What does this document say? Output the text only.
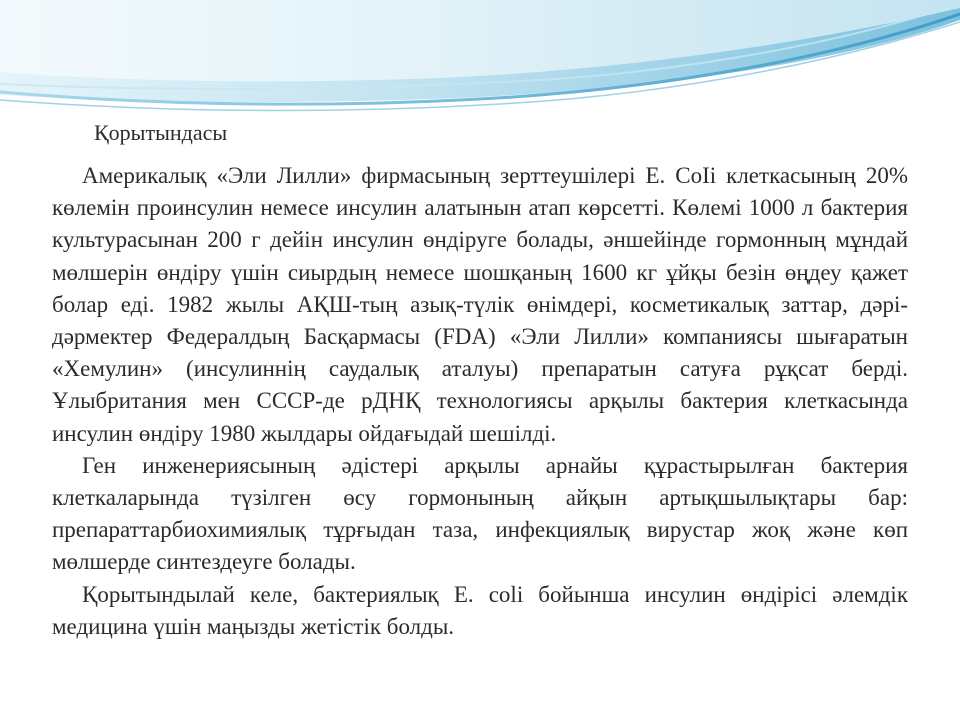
Қорытындасы

Америкалық «Эли Лилли» фирмасының зерттеушілері E. CoIi клеткасының 20% көлемін проинсулин немесе инсулин алатынын атап көрсетті. Көлемі 1000 л бактерия культурасынан 200 г дейін инсулин өндіруге болады, әншейінде гормонның мұндай мөлшерін өндіру үшін сиырдың немесе шошқаның 1600 кг ұйқы безін өңдеу қажет болар еді. 1982 жылы АҚШ-тың азық-түлік өнімдері, косметикалық заттар, дәрі-дәрмектер Федералдың Басқармасы (FDA) «Эли Лилли» компаниясы шығаратын «Хемулин» (инсулиннің саудалық аталуы) препаратын сатуға рұқсат берді. Ұлыбритания мен СССР-де рДНҚ технологиясы арқылы бактерия клеткасында инсулин өндіру 1980 жылдары ойдағыдай шешілді.

Ген инженериясының әдістері арқылы арнайы құрастырылған бактерия клеткаларында түзілген өсу гормонының айқын артықшылықтары бар: препараттарбиохимиялық тұрғыдан таза, инфекциялық вирустар жоқ және көп мөлшерде синтездеуге болады.

Қорытындылай келе, бактериялық E. coli бойынша инсулин өндірісі әлемдік медицина үшін маңызды жетістік болды.
